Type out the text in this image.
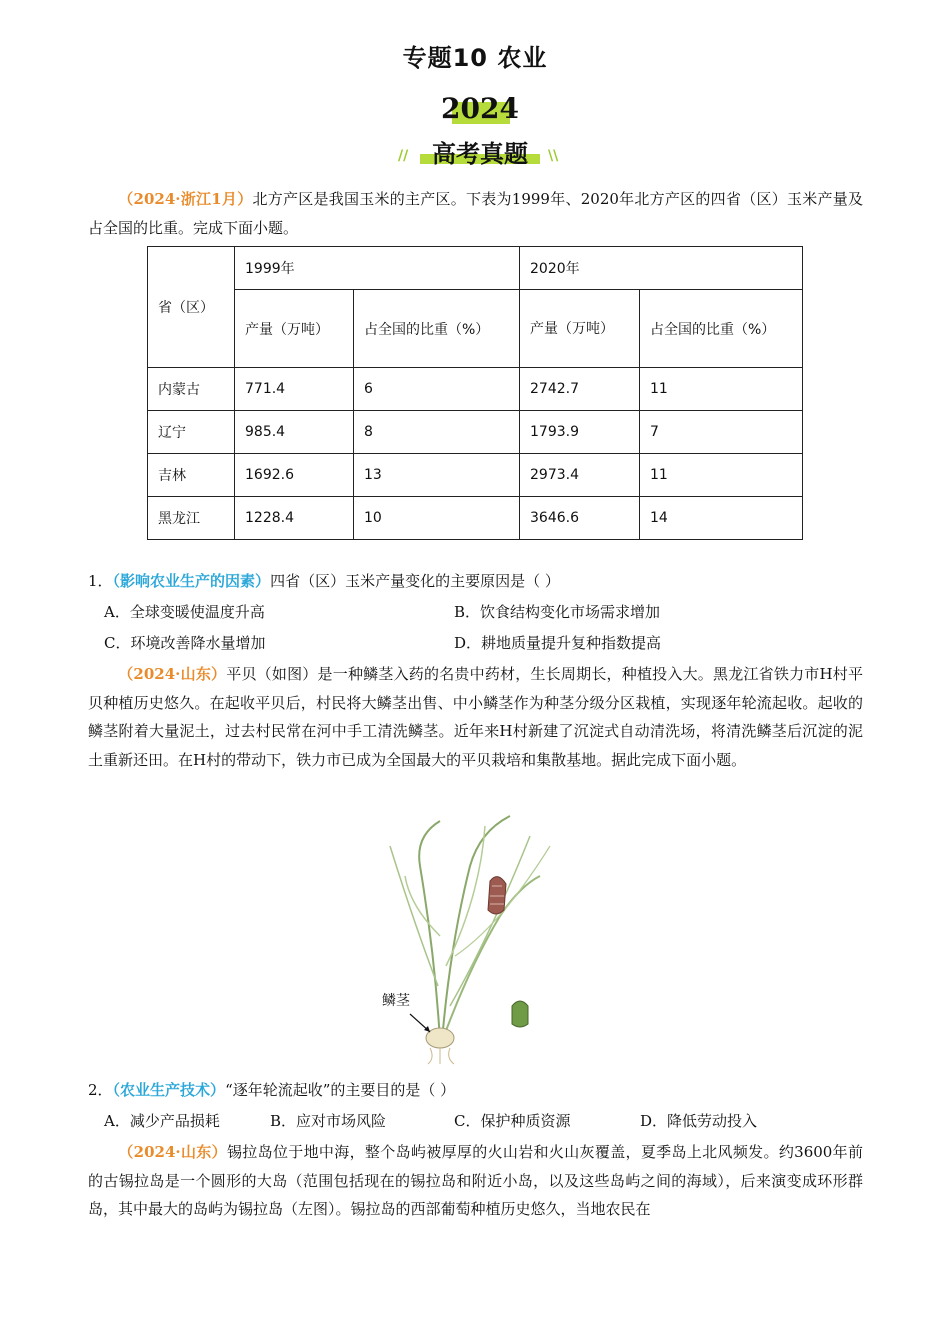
专题10 农业
2024
高考真题
//	\\
（2024·浙江1月）北方产区是我国玉米的主产区。下表为1999年、2020年北方产区的四省（区）玉米产量及占全国的比重。完成下面小题。
省（区）	1999年		2020年	
	产量（万吨）	占全国的比重（%）	产量（万吨）	占全国的比重（%）
内蒙古	771.4	6	2742.7	11
辽宁	985.4	8	1793.9	7
吉林	1692.6	13	2973.4	11
黑龙江	1228.4	10	3646.6	14
1．（影响农业生产的因素）四省（区）玉米产量变化的主要原因是（ ）
A．全球变暖使温度升高	B．饮食结构变化市场需求增加
C．环境改善降水量增加	D．耕地质量提升复种指数提高
（2024·山东）平贝（如图）是一种鳞茎入药的名贵中药材，生长周期长，种植投入大。黑龙江省铁力市H村平贝种植历史悠久。在起收平贝后，村民将大鳞茎出售、中小鳞茎作为种茎分级分区栽植，实现逐年轮流起收。起收的鳞茎附着大量泥土，过去村民常在河中手工清洗鳞茎。近年来H村新建了沉淀式自动清洗场，将清洗鳞茎后沉淀的泥土重新还田。在H村的带动下，铁力市已成为全国最大的平贝栽培和集散基地。据此完成下面小题。
鳞茎
2．（农业生产技术）“逐年轮流起收”的主要目的是（ ）
A．减少产品损耗	B．应对市场风险	C．保护种质资源	D．降低劳动投入
（2024·山东）锡拉岛位于地中海，整个岛屿被厚厚的火山岩和火山灰覆盖，夏季岛上北风频发。约3600年前的古锡拉岛是一个圆形的大岛（范围包括现在的锡拉岛和附近小岛，以及这些岛屿之间的海域），后来演变成环形群岛，其中最大的岛屿为锡拉岛（左图）。锡拉岛的西部葡萄种植历史悠久，当地农民在
